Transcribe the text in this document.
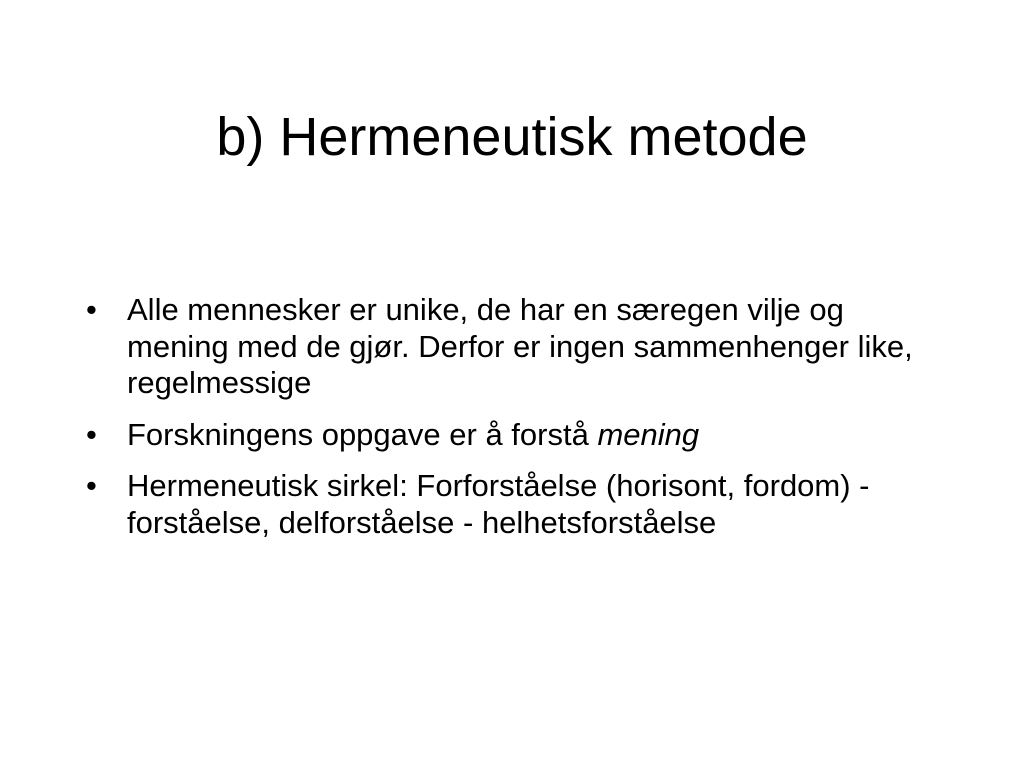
b) Hermeneutisk metode
• Alle mennesker er unike, de har en særegen vilje og mening med de gjør. Derfor er ingen sammenhenger like, regelmessige
• Forskningens oppgave er å forstå mening
• Hermeneutisk sirkel: Forforståelse (horisont, fordom) - forståelse, delforståelse - helhetsforståelse
